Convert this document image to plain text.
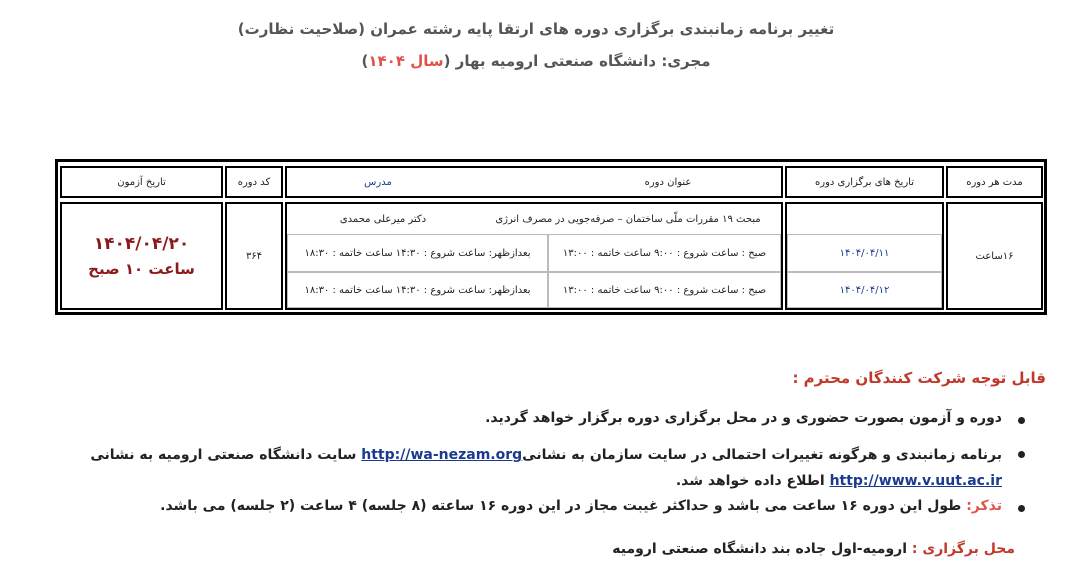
تغییر برنامه زمانبندی برگزاری دوره های ارتقا پایه رشته عمران (صلاحیت نظارت)
مجری: دانشگاه صنعتی ارومیه بهار (سال ۱۴۰۴)
مدت هر دوره
تاریخ های برگزاری دوره
عنوان دوره
مدرس
کد دوره
تاریخ آزمون
۱۶ساعت
۳۶۴
۱۴۰۴/۰۴/۲۰
ساعت ۱۰ صبح
۱۴۰۴/۰۴/۱۱
۱۴۰۴/۰۴/۱۲
مبحث ۱۹ مقررات ملّی ساختمان – صرفه‌جویی در مصرف انرژی
دکتر میرعلی محمدی
صبح : ساعت شروع : ۹:۰۰ ساعت خاتمه : ۱۳:۰۰
بعدازظهر: ساعت شروع : ۱۴:۳۰ ساعت خاتمه : ۱۸:۳۰
صبح : ساعت شروع : ۹:۰۰ ساعت خاتمه : ۱۳:۰۰
بعدازظهر: ساعت شروع : ۱۴:۳۰ ساعت خاتمه : ۱۸:۳۰
قابل توجه شرکت کنندگان محترم :
دوره و آزمون بصورت حضوری و در محل برگزاری دوره برگزار خواهد گردید.
برنامه زمانبندی و هرگونه تغییرات احتمالی در سایت سازمان به نشانیhttp://wa-nezam.org سایت دانشگاه صنعتی ارومیه به نشانی
http://www.v.uut.ac.ir اطلاع داده خواهد شد.
تذکر: طول این دوره ۱۶ ساعت می باشد و حداکثر غیبت مجاز در این دوره ۱۶ ساعته (۸ جلسه) ۴ ساعت (۲ جلسه) می باشد.
محل برگزاری : ارومیه-اول جاده بند دانشگاه صنعتی ارومیه
